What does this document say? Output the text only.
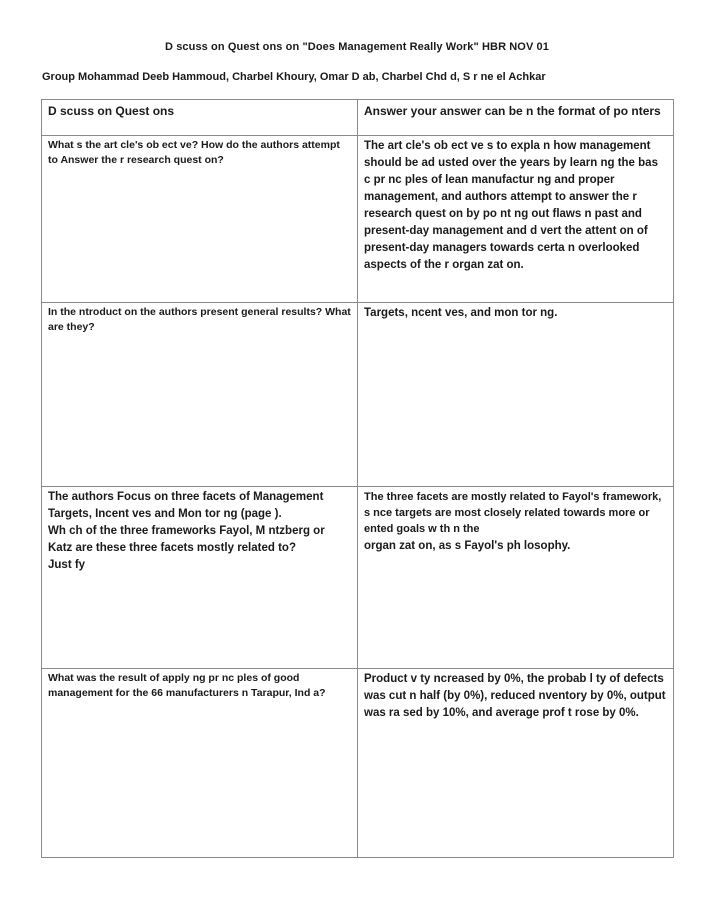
D scuss on Quest ons on "Does Management Really Work" HBR NOV 01
Group Mohammad Deeb Hammoud, Charbel Khoury, Omar D ab, Charbel Chd d, S r ne el Achkar
D scuss on Quest ons	Answer your answer can be n the format of po nters
What s the art cle's ob ect ve? How do the authors attempt to Answer the r research quest on?	The art cle's ob ect ve s to expla n how management should be ad usted over the years by learn ng the bas c pr nc ples of lean manufactur ng and proper management, and authors attempt to answer the r research quest on by po nt ng out flaws n past and present-day management and d vert the attent on of present-day managers towards certa n overlooked aspects of the r organ zat on.
In the ntroduct on the authors present general results? What are they?	Targets, ncent ves, and mon tor ng.

The authors Focus on three facets of Management Targets, Incent ves and Mon tor ng (page ).
Wh ch of the three frameworks Fayol, M ntzberg or Katz are these three facets mostly related to?
Just fy	The three facets are mostly related to Fayol's framework, s nce targets are most closely related towards more or ented goals w th n the
organ zat on, as s Fayol's ph losophy.

What was the result of apply ng pr nc ples of good management for the 66 manufacturers n Tarapur, Ind a?	Product v ty ncreased by 0%, the probab l ty of defects was cut n half (by 0%), reduced nventory by 0%, output was ra sed by 10%, and average prof t rose by 0%.
